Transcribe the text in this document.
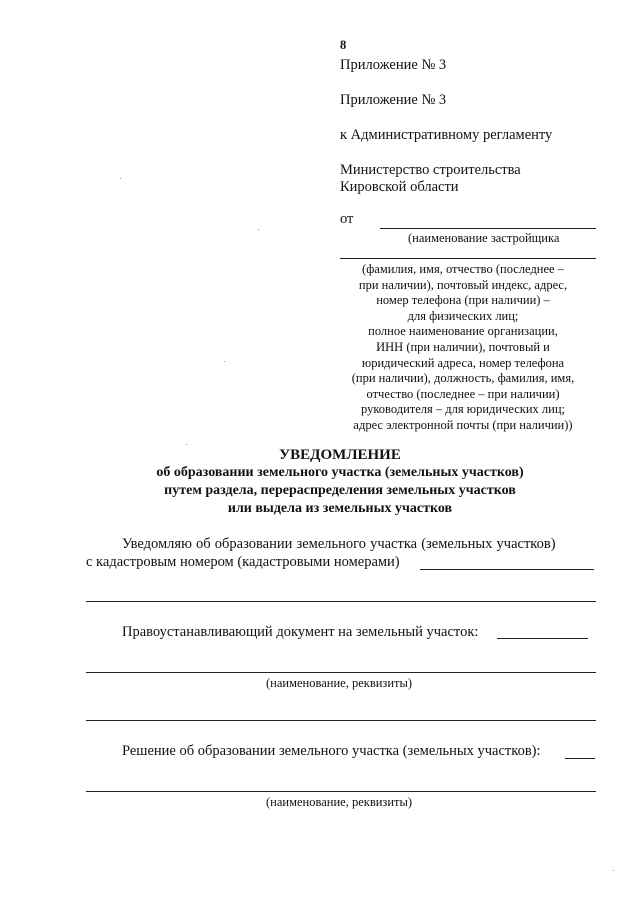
8
Приложение № 3
Приложение № 3
к Административному регламенту
Министерство строительства
Кировской области
от
(наименование застройщика
(фамилия, имя, отчество (последнее –
при наличии), почтовый индекс, адрес,
номер телефона (при наличии) –
для физических лиц;
полное наименование организации,
ИНН (при наличии), почтовый и
юридический адреса, номер телефона
(при наличии), должность, фамилия, имя,
отчество (последнее – при наличии)
руководителя – для юридических лиц;
адрес электронной почты (при наличии))
УВЕДОМЛЕНИЕ
об образовании земельного участка (земельных участков)
путем раздела, перераспределения земельных участков
или выдела из земельных участков
Уведомляю об образовании земельного участка (земельных участков)
с кадастровым номером (кадастровыми номерами)
Правоустанавливающий документ на земельный участок:
(наименование, реквизиты)
Решение об образовании земельного участка (земельных участков):
(наименование, реквизиты)
